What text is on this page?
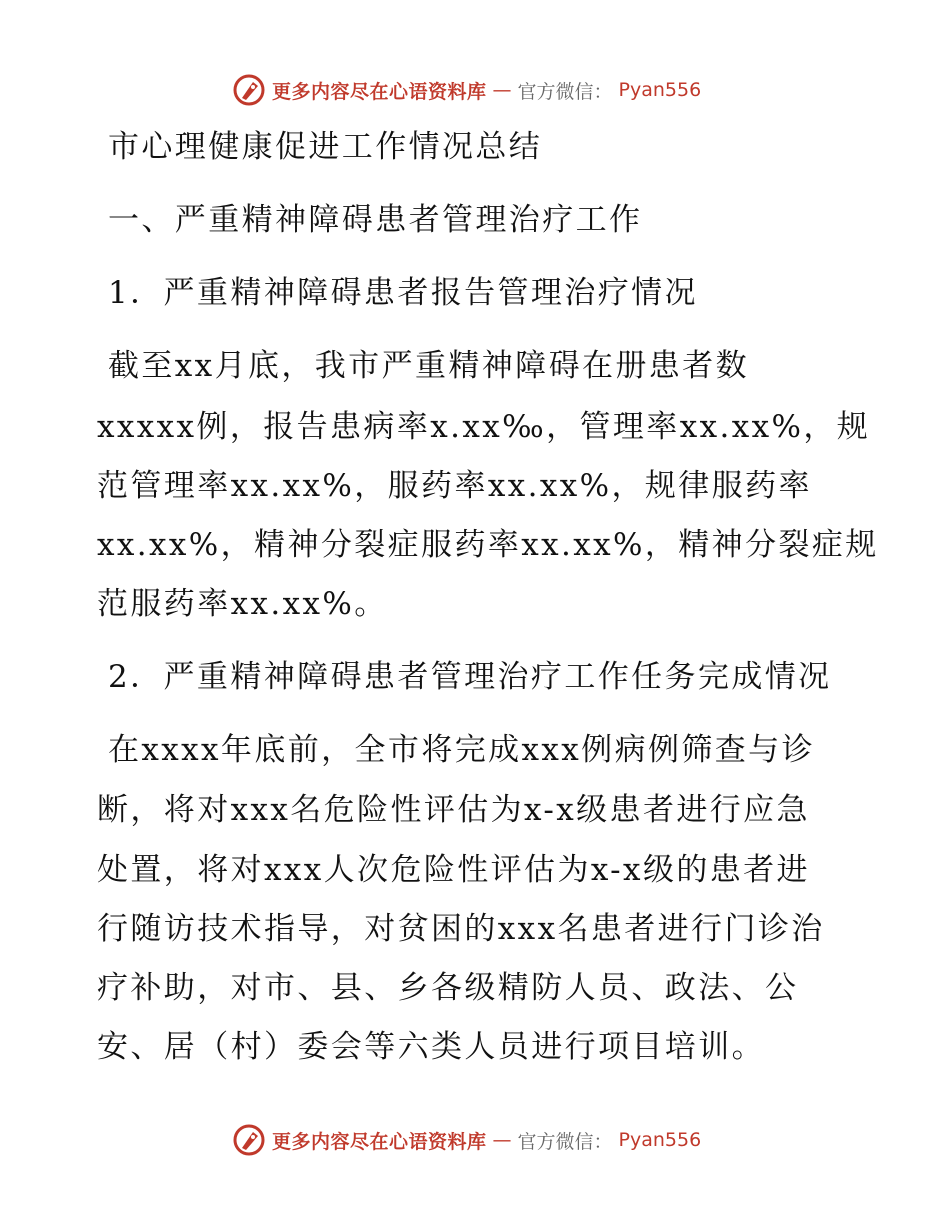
更多内容尽在心语资料库 — 官方微信： Pyan556
市心理健康促进工作情况总结
一、严重精神障碍患者管理治疗工作
1．严重精神障碍患者报告管理治疗情况
截至xx月底，我市严重精神障碍在册患者数
xxxxx例，报告患病率x.xx‰，管理率xx.xx%，规
范管理率xx.xx%，服药率xx.xx%，规律服药率
xx.xx%，精神分裂症服药率xx.xx%，精神分裂症规
范服药率xx.xx%。
2．严重精神障碍患者管理治疗工作任务完成情况
在xxxx年底前，全市将完成xxx例病例筛查与诊
断，将对xxx名危险性评估为x-x级患者进行应急
处置，将对xxx人次危险性评估为x-x级的患者进
行随访技术指导，对贫困的xxx名患者进行门诊治
疗补助，对市、县、乡各级精防人员、政法、公
安、居（村）委会等六类人员进行项目培训。
更多内容尽在心语资料库 — 官方微信： Pyan556
